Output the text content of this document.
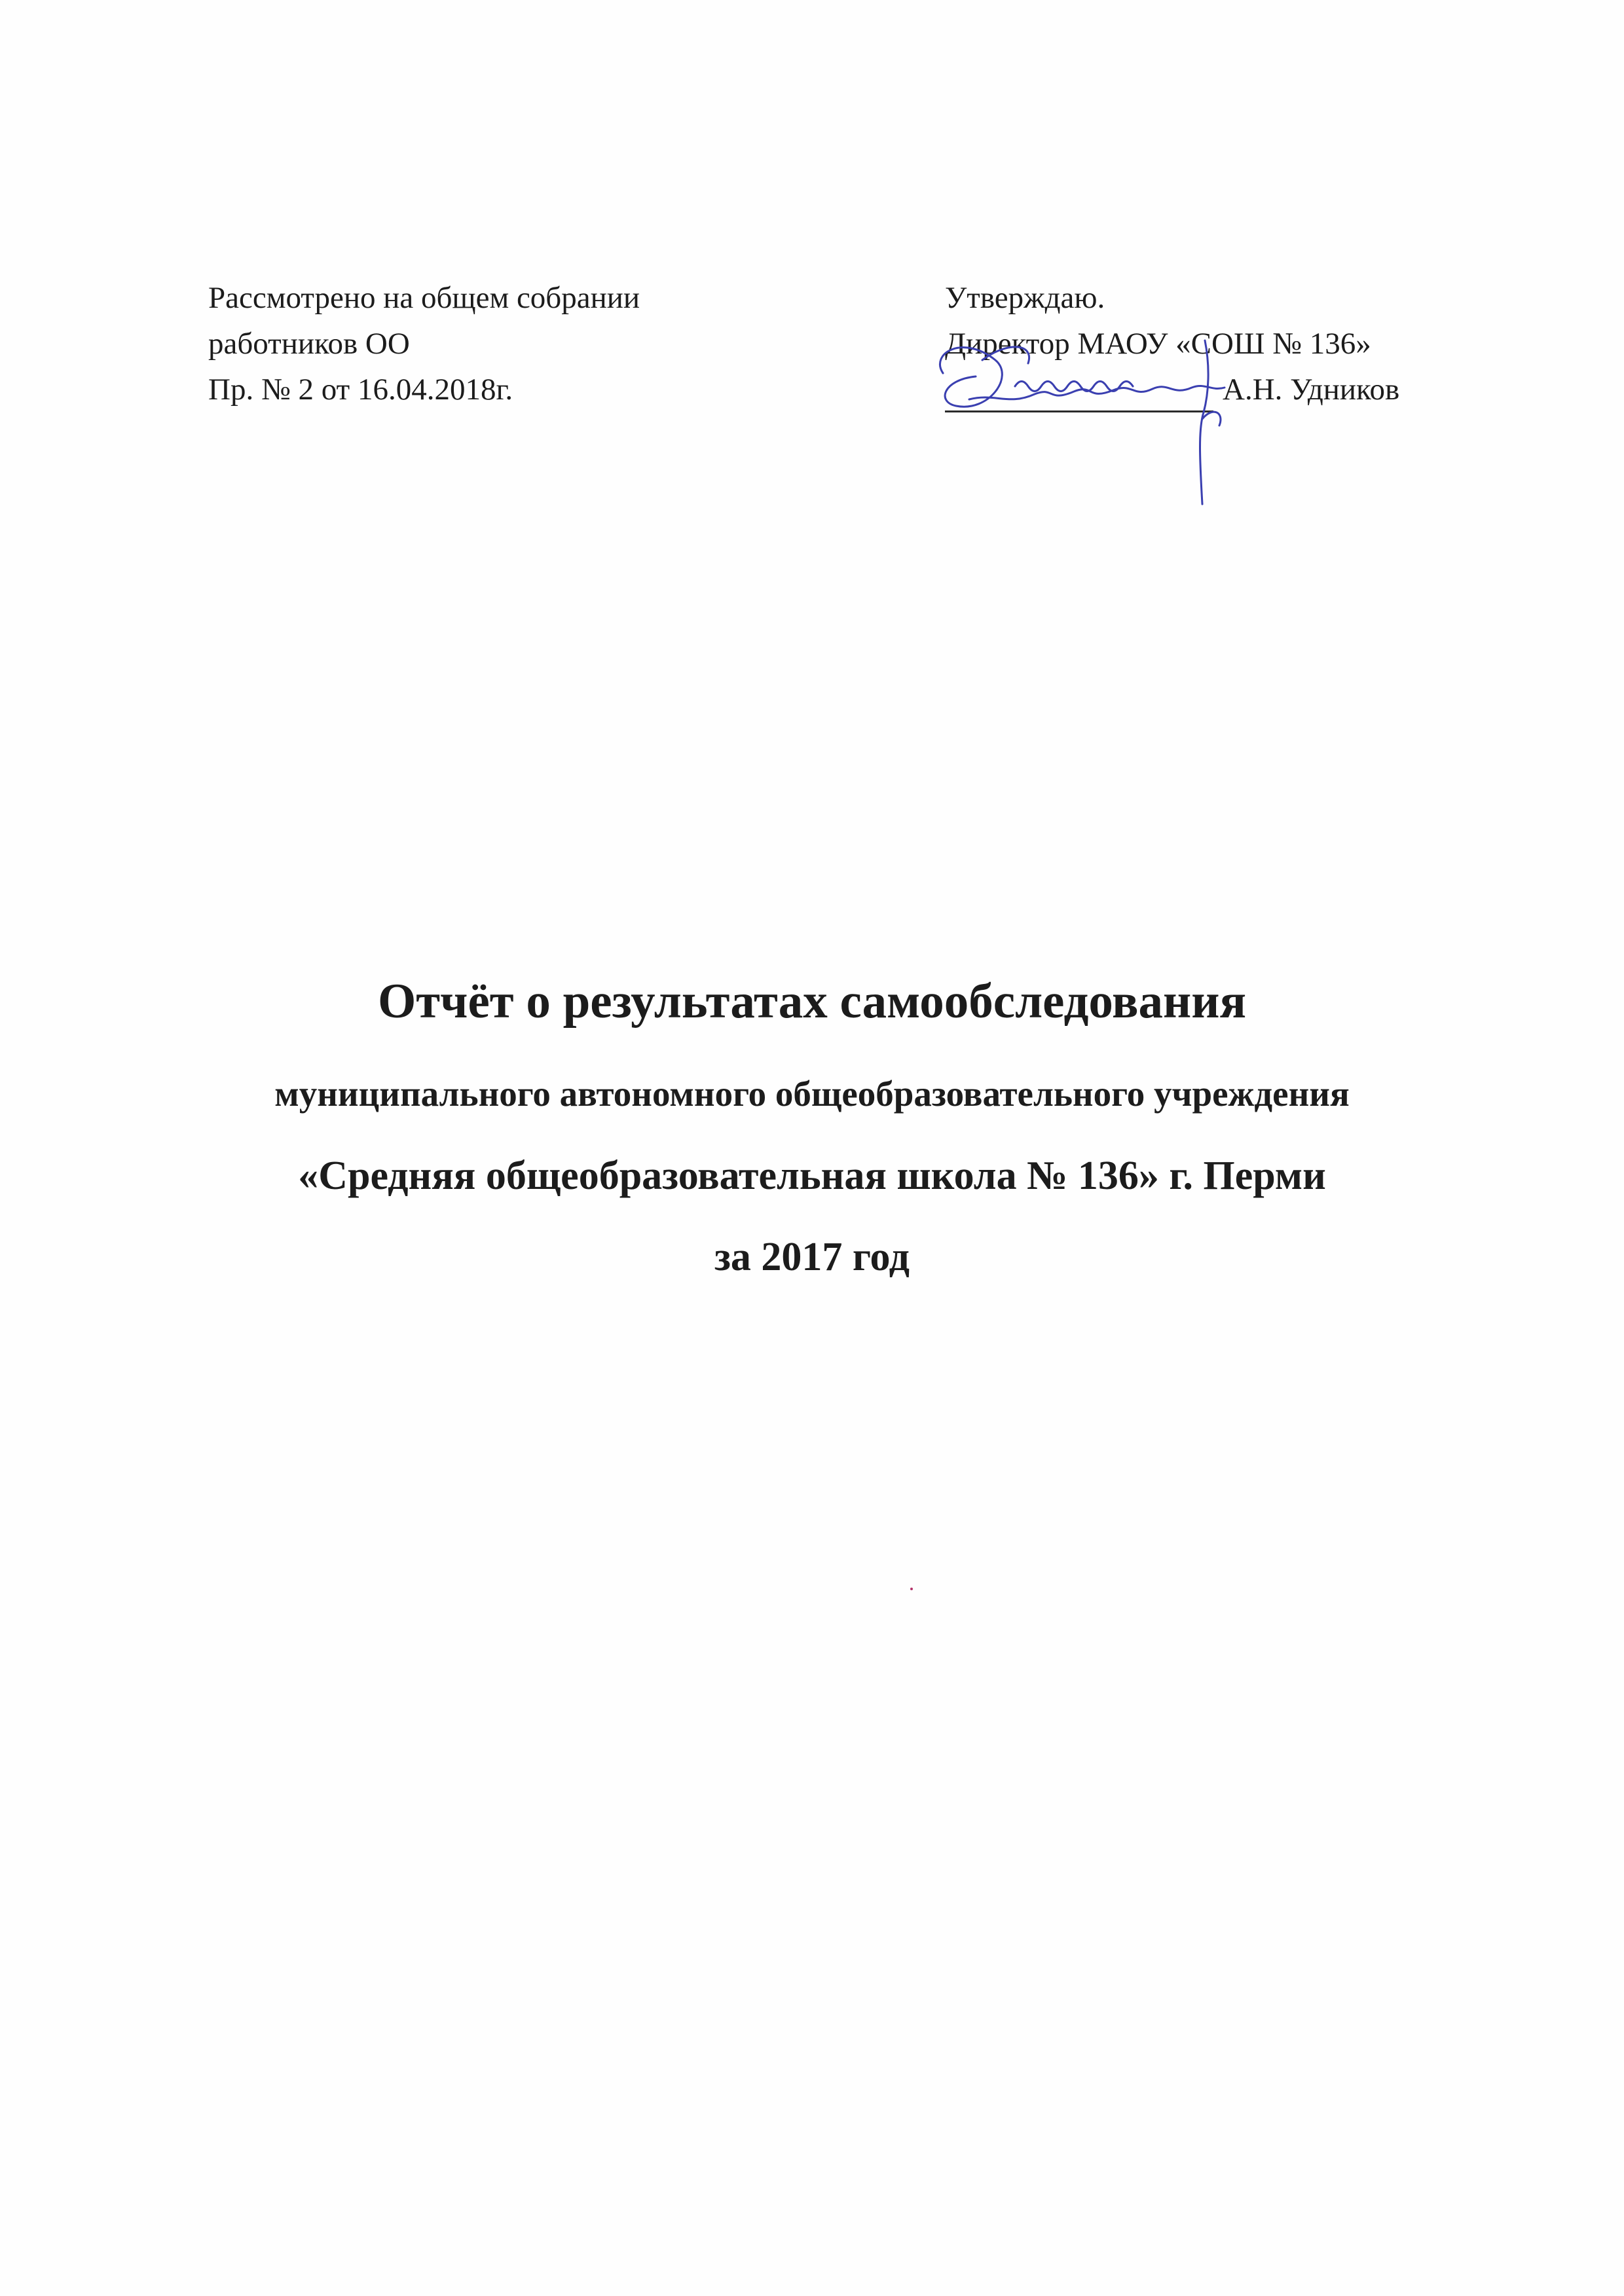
Рассмотрено на общем собрании
работников ОО
Пр. № 2 от 16.04.2018г.
Утверждаю.
Директор МАОУ «СОШ № 136»
А.Н. Удников
Отчёт о результатах самообследования
муниципального автономного общеобразовательного учреждения
«Средняя общеобразовательная школа № 136» г. Перми
за 2017 год
